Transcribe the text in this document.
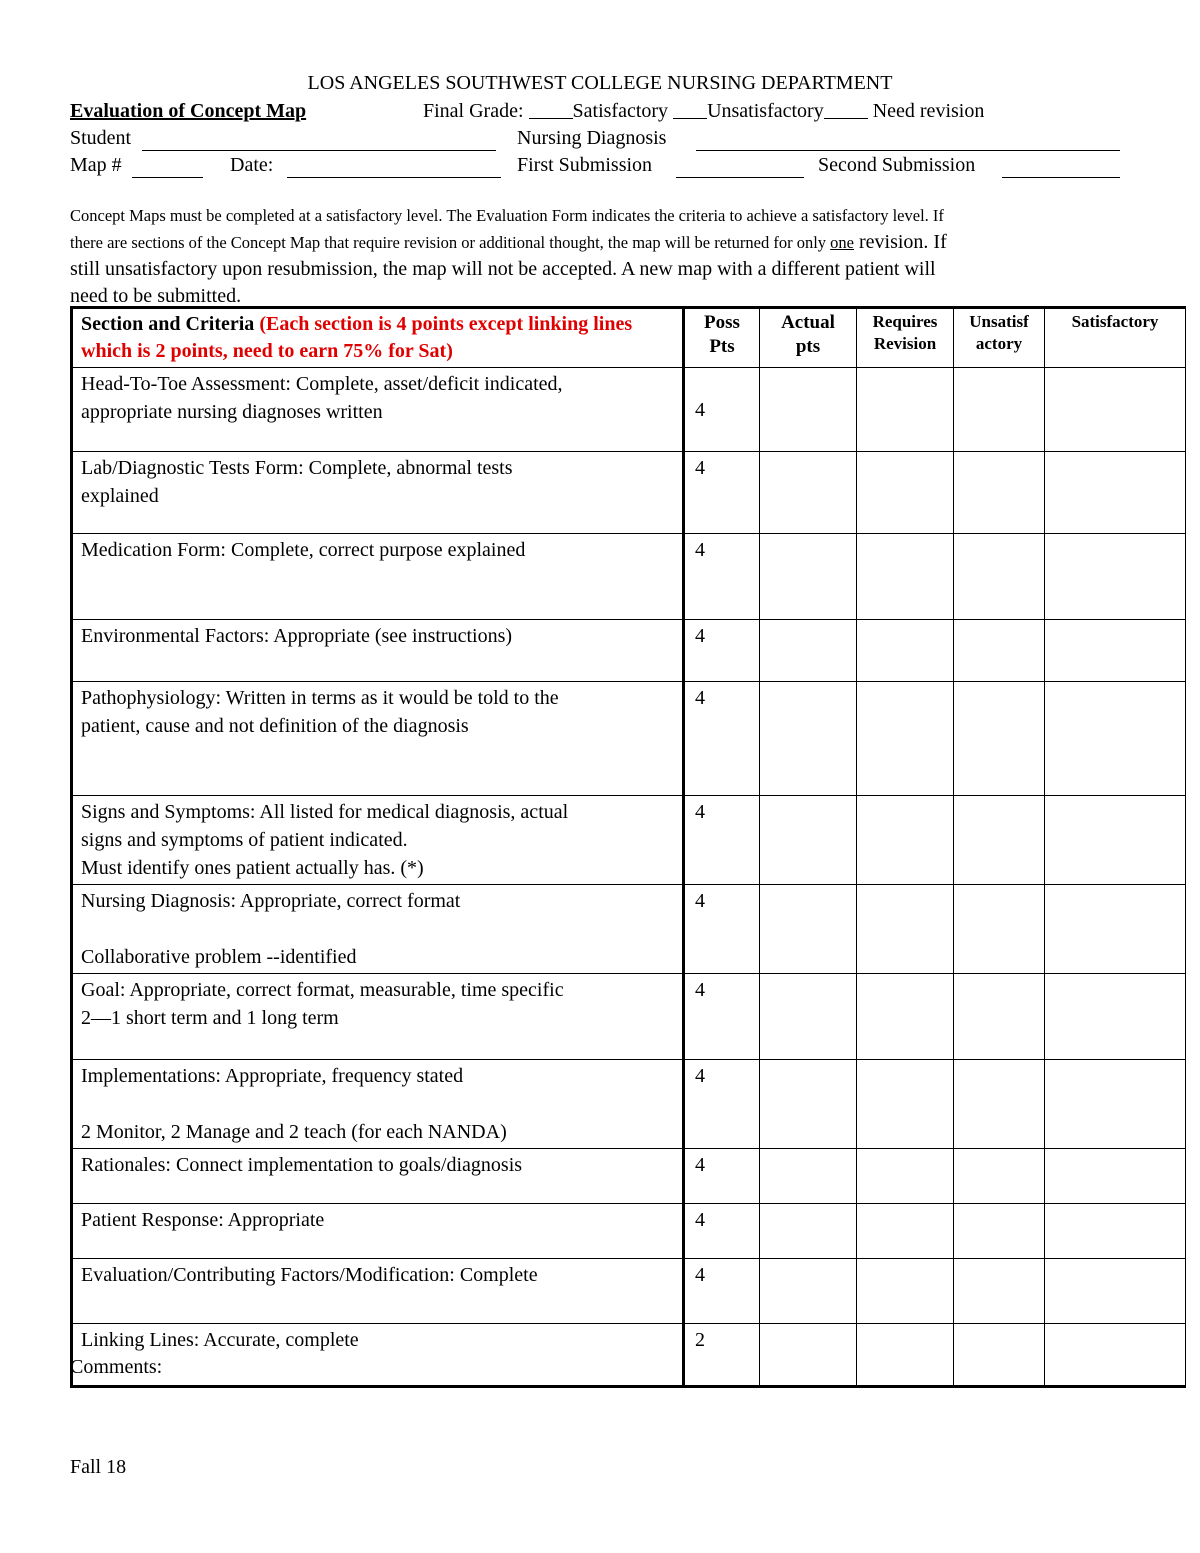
LOS ANGELES SOUTHWEST COLLEGE NURSING DEPARTMENT
Evaluation of Concept Map	Final Grade: Satisfactory Unsatisfactory Need revision
Student	Nursing Diagnosis
Map #	Date:	First Submission	Second Submission
Concept Maps must be completed at a satisfactory level. The Evaluation Form indicates the criteria to achieve a satisfactory level. If
there are sections of the Concept Map that require revision or additional thought, the map will be returned for only one revision. If
still unsatisfactory upon resubmission, the map will not be accepted. A new map with a different patient will
need to be submitted.
Section and Criteria (Each section is 4 points except linking lines which is 2 points, need to earn 75% for Sat)	Poss Pts	Actual pts	Requires Revision	Unsatisf actory	Satisfactory

Head-To-Toe Assessment: Complete, asset/deficit indicated,
appropriate nursing diagnoses written	4				

Lab/Diagnostic Tests Form: Complete, abnormal tests
explained	4				

Medication Form: Complete, correct purpose explained	4				

Environmental Factors: Appropriate (see instructions)	4				

Pathophysiology: Written in terms as it would be told to the
patient, cause and not definition of the diagnosis	4				

Signs and Symptoms: All listed for medical diagnosis, actual
signs and symptoms of patient indicated.
Must identify ones patient actually has. (*)	4				

Nursing Diagnosis: Appropriate, correct format
Collaborative problem --identified	4				

Goal: Appropriate, correct format, measurable, time specific
2—1 short term and 1 long term	4				

Implementations: Appropriate, frequency stated
2 Monitor, 2 Manage and 2 teach (for each NANDA)	4				

Rationales: Connect implementation to goals/diagnosis	4				

Patient Response: Appropriate	4				

Evaluation/Contributing Factors/Modification: Complete	4				

Linking Lines: Accurate, complete	2				

Comments:
Fall 18
